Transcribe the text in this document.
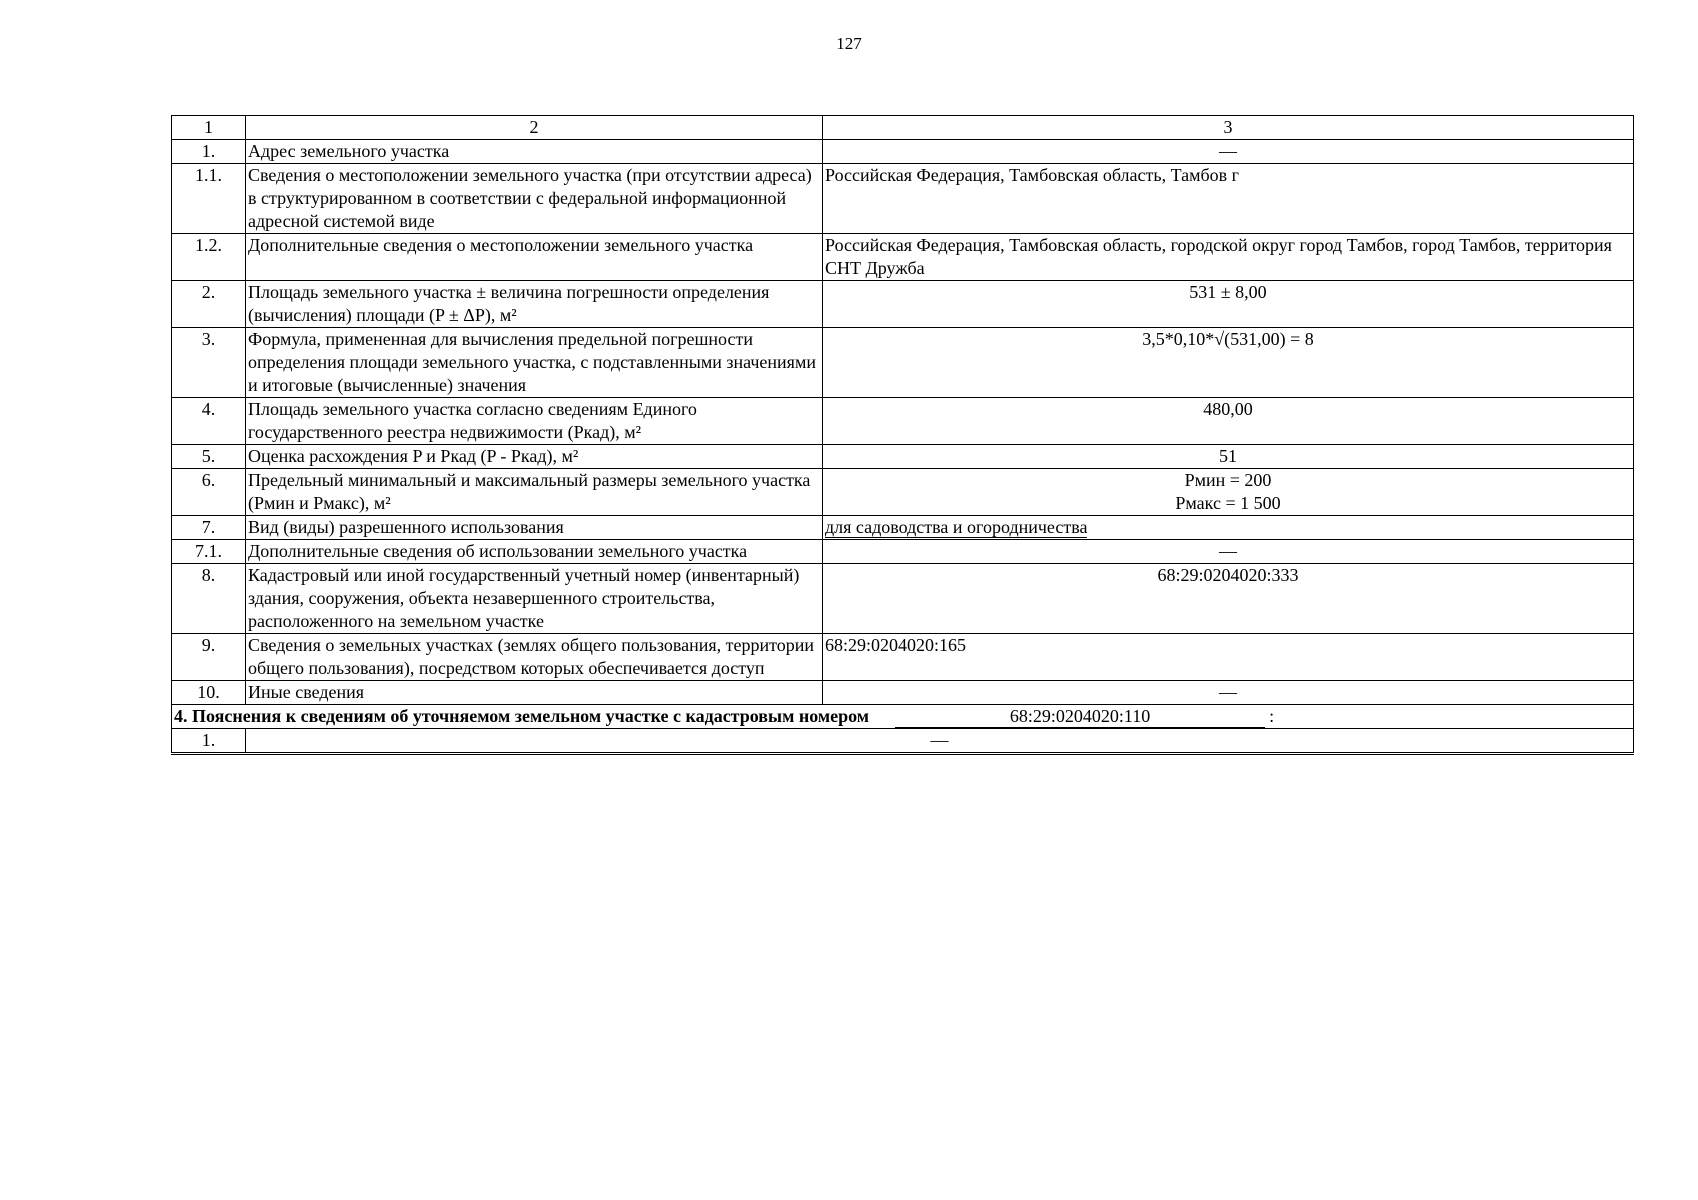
127
1	2	3
1.	Адрес земельного участка	—
1.1.	Сведения о местоположении земельного участка (при отсутствии адреса) в структурированном в соответствии с федеральной информационной адресной системой виде	Российская Федерация, Тамбовская область, Тамбов г
1.2.	Дополнительные сведения о местоположении земельного участка	Российская Федерация, Тамбовская область, городской округ город Тамбов, город Тамбов, территория СНТ Дружба
2.	Площадь земельного участка ± величина погрешности определения (вычисления) площади (P ± ΔP), м²	531 ± 8,00
3.	Формула, примененная для вычисления предельной погрешности определения площади земельного участка, с подставленными значениями и итоговые (вычисленные) значения	3,5*0,10*√(531,00) = 8
4.	Площадь земельного участка согласно сведениям Единого государственного реестра недвижимости (Pкад), м²	480,00
5.	Оценка расхождения P и Pкад (P - Pкад), м²	51
6.	Предельный минимальный и максимальный размеры земельного участка (Pмин и Pмакс), м²	Pмин = 200
Pмакс = 1 500
7.	Вид (виды) разрешенного использования	для садоводства и огородничества
7.1.	Дополнительные сведения об использовании земельного участка	—
8.	Кадастровый или иной государственный учетный номер (инвентарный) здания, сооружения, объекта незавершенного строительства, расположенного на земельном участке	68:29:0204020:333
9.	Сведения о земельных участках (землях общего пользования, территории общего пользования), посредством которых обеспечивается доступ	68:29:0204020:165
10.	Иные сведения	—

4. Пояснения к сведениям об уточняемом земельном участке с кадастровым номером 68:29:0204020:110 :		

1.	—	
